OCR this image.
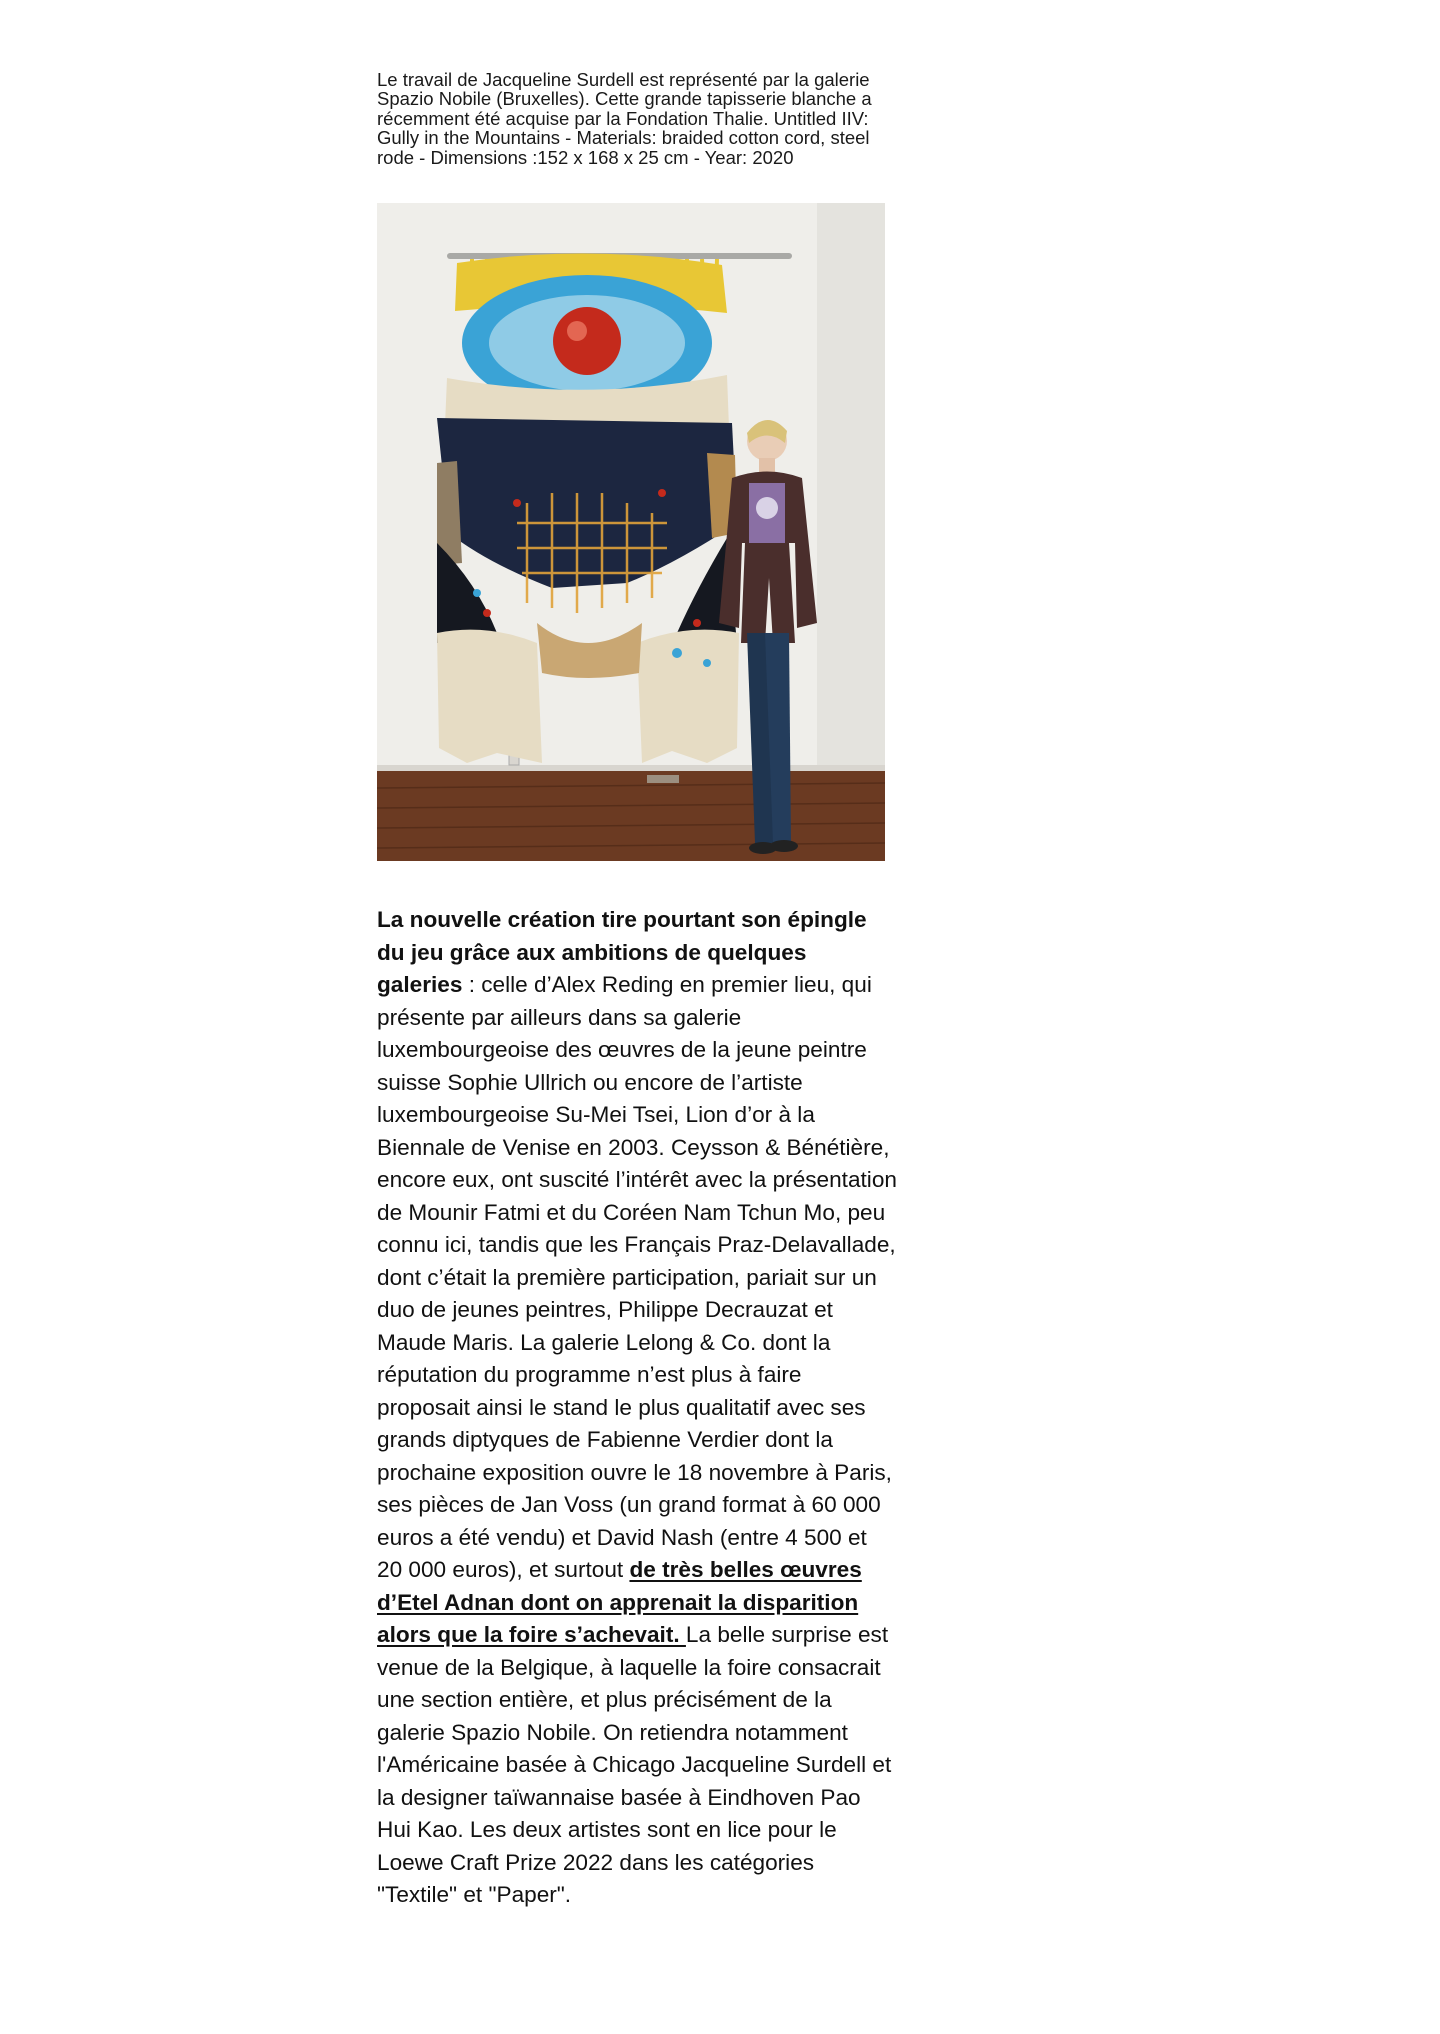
Le travail de Jacqueline Surdell est représenté par la galerie Spazio Nobile (Bruxelles). Cette grande tapisserie blanche a récemment été acquise par la Fondation Thalie. Untitled IIV: Gully in the Mountains - Materials: braided cotton cord, steel rode - Dimensions :152 x 168 x 25 cm - Year: 2020
La nouvelle création tire pourtant son épingle du jeu grâce aux ambitions de quelques galeries : celle d’Alex Reding en premier lieu, qui présente par ailleurs dans sa galerie luxembourgeoise des œuvres de la jeune peintre suisse Sophie Ullrich ou encore de l’artiste luxembourgeoise Su-Mei Tsei, Lion d’or à la Biennale de Venise en 2003. Ceysson & Bénétière, encore eux, ont suscité l’intérêt avec la présentation de Mounir Fatmi et du Coréen Nam Tchun Mo, peu connu ici, tandis que les Français Praz-Delavallade, dont c’était la première participation, pariait sur un duo de jeunes peintres, Philippe Decrauzat et Maude Maris. La galerie Lelong & Co. dont la réputation du programme n’est plus à faire proposait ainsi le stand le plus qualitatif avec ses grands diptyques de Fabienne Verdier dont la prochaine exposition ouvre le 18 novembre à Paris, ses pièces de Jan Voss (un grand format à 60 000 euros a été vendu) et David Nash (entre 4 500 et 20 000 euros), et surtout de très belles œuvres d’Etel Adnan dont on apprenait la disparition alors que la foire s’achevait. La belle surprise est venue de la Belgique, à laquelle la foire consacrait une section entière, et plus précisément de la galerie Spazio Nobile. On retiendra notamment l'Américaine basée à Chicago Jacqueline Surdell et la designer taïwannaise basée à Eindhoven Pao Hui Kao. Les deux artistes sont en lice pour le Loewe Craft Prize 2022 dans les catégories "Textile" et "Paper".
